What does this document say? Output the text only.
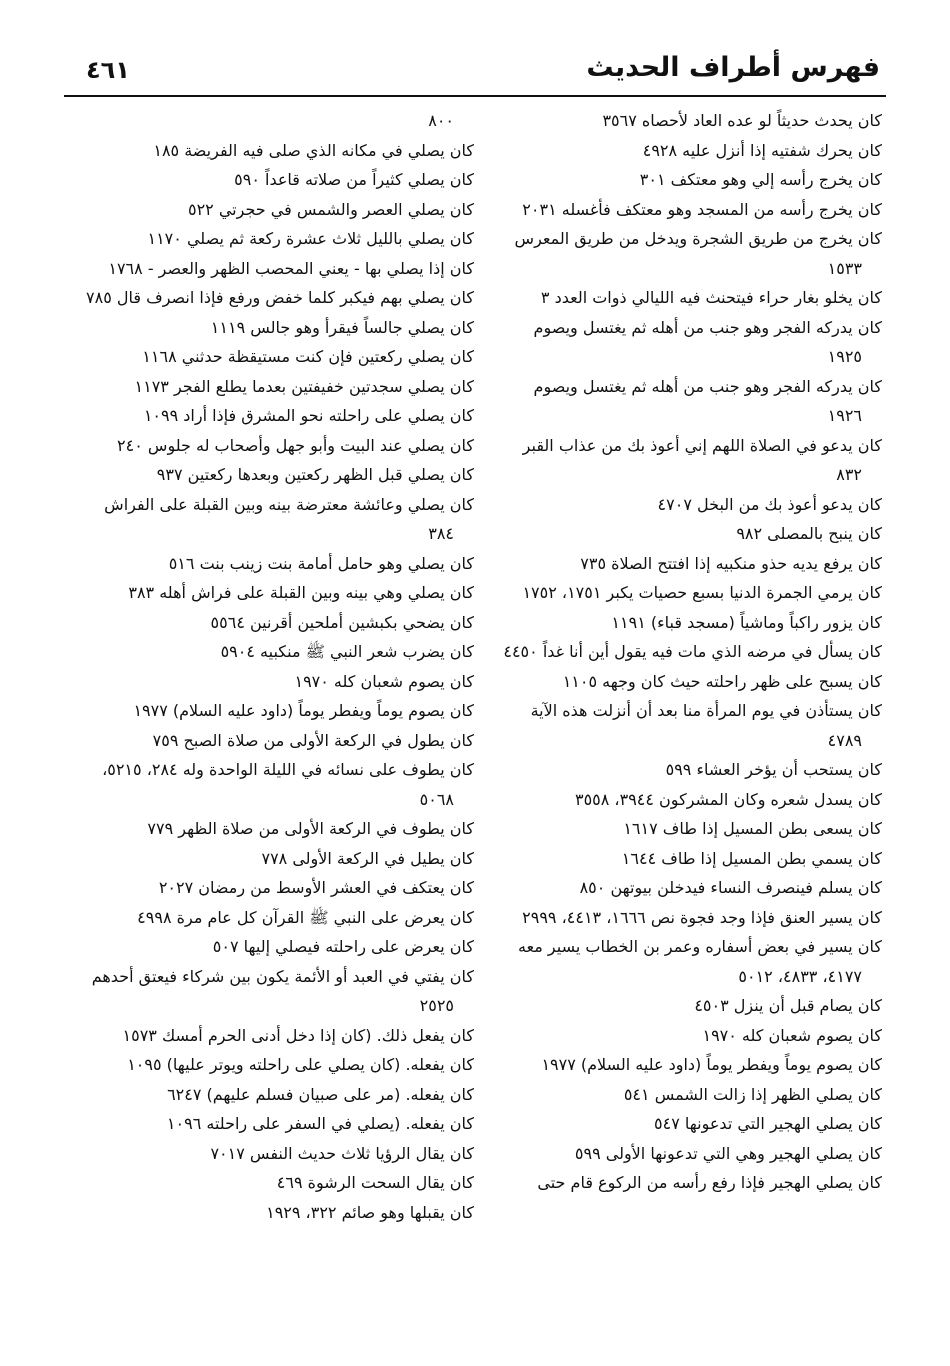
فهرس أطراف الحديث
٤٦١
كان يحدث حديثاً لو عده العاد لأحصاه ٣٥٦٧
كان يحرك شفتيه إذا أنزل عليه ٤٩٢٨
كان يخرج رأسه إلي وهو معتكف ٣٠١
كان يخرج رأسه من المسجد وهو معتكف فأغسله ٢٠٣١
كان يخرج من طريق الشجرة ويدخل من طريق المعرس ١٥٣٣
كان يخلو بغار حراء فيتحنث فيه الليالي ذوات العدد ٣
كان يدركه الفجر وهو جنب من أهله ثم يغتسل ويصوم ١٩٢٥
كان يدركه الفجر وهو جنب من أهله ثم يغتسل ويصوم ١٩٢٦
كان يدعو في الصلاة اللهم إني أعوذ بك من عذاب القبر ٨٣٢
كان يدعو أعوذ بك من البخل ٤٧٠٧
كان ينبح بالمصلى ٩٨٢
كان يرفع يديه حذو منكبيه إذا افتتح الصلاة ٧٣٥
كان يرمي الجمرة الدنيا بسبع حصيات يكبر ١٧٥١، ١٧٥٢
كان يزور راكباً وماشياً (مسجد قباء) ١١٩١
كان يسأل في مرضه الذي مات فيه يقول أين أنا غداً ٤٤٥٠
كان يسبح على ظهر راحلته حيث كان وجهه ١١٠٥
كان يستأذن في يوم المرأة منا بعد أن أنزلت هذه الآية ٤٧٨٩
كان يستحب أن يؤخر العشاء ٥٩٩
كان يسدل شعره وكان المشركون ٣٩٤٤، ٣٥٥٨
كان يسعى بطن المسيل إذا طاف ١٦١٧
كان يسمي بطن المسيل إذا طاف ١٦٤٤
كان يسلم فينصرف النساء فيدخلن بيوتهن ٨٥٠
كان يسير العنق فإذا وجد فجوة نص ١٦٦٦، ٤٤١٣، ٢٩٩٩
كان يسير في بعض أسفاره وعمر بن الخطاب يسير معه ٤١٧٧، ٤٨٣٣، ٥٠١٢
كان يصام قبل أن ينزل ٤٥٠٣
كان يصوم شعبان كله ١٩٧٠
كان يصوم يوماً ويفطر يوماً (داود عليه السلام) ١٩٧٧
كان يصلي الظهر إذا زالت الشمس ٥٤١
كان يصلي الهجير التي تدعونها ٥٤٧
كان يصلي الهجير وهي التي تدعونها الأولى ٥٩٩
كان يصلي الهجير فإذا رفع رأسه من الركوع قام حتى
٨٠٠
كان يصلي في مكانه الذي صلى فيه الفريضة ١٨٥
كان يصلي كثيراً من صلاته قاعداً ٥٩٠
كان يصلي العصر والشمس في حجرتي ٥٢٢
كان يصلي بالليل ثلاث عشرة ركعة ثم يصلي ١١٧٠
كان إذا يصلي بها - يعني المحصب الظهر والعصر - ١٧٦٨
كان يصلي بهم فيكبر كلما خفض ورفع فإذا انصرف قال ٧٨٥
كان يصلي جالساً فيقرأ وهو جالس ١١١٩
كان يصلي ركعتين فإن كنت مستيقظة حدثني ١١٦٨
كان يصلي سجدتين خفيفتين بعدما يطلع الفجر ١١٧٣
كان يصلي على راحلته نحو المشرق فإذا أراد ١٠٩٩
كان يصلي عند البيت وأبو جهل وأصحاب له جلوس ٢٤٠
كان يصلي قبل الظهر ركعتين وبعدها ركعتين ٩٣٧
كان يصلي وعائشة معترضة بينه وبين القبلة على الفراش ٣٨٤
كان يصلي وهو حامل أمامة بنت زينب بنت ٥١٦
كان يصلي وهي بينه وبين القبلة على فراش أهله ٣٨٣
كان يضحي بكبشين أملحين أقرنين ٥٥٦٤
كان يضرب شعر النبي ﷺ منكبيه ٥٩٠٤
كان يصوم شعبان كله ١٩٧٠
كان يصوم يوماً ويفطر يوماً (داود عليه السلام) ١٩٧٧
كان يطول في الركعة الأولى من صلاة الصبح ٧٥٩
كان يطوف على نسائه في الليلة الواحدة وله ٢٨٤، ٥٢١٥، ٥٠٦٨
كان يطوف في الركعة الأولى من صلاة الظهر ٧٧٩
كان يطيل في الركعة الأولى ٧٧٨
كان يعتكف في العشر الأوسط من رمضان ٢٠٢٧
كان يعرض على النبي ﷺ القرآن كل عام مرة ٤٩٩٨
كان يعرض على راحلته فيصلي إليها ٥٠٧
كان يفتي في العبد أو الأئمة يكون بين شركاء فيعتق أحدهم ٢٥٢٥
كان يفعل ذلك. (كان إذا دخل أدنى الحرم أمسك ١٥٧٣
كان يفعله. (كان يصلي على راحلته ويوتر عليها) ١٠٩٥
كان يفعله. (مر على صبيان فسلم عليهم) ٦٢٤٧
كان يفعله. (يصلي في السفر على راحلته ١٠٩٦
كان يقال الرؤيا ثلاث حديث النفس ٧٠١٧
كان يقال السحت الرشوة ٤٦٩
كان يقبلها وهو صائم ٣٢٢، ١٩٢٩
